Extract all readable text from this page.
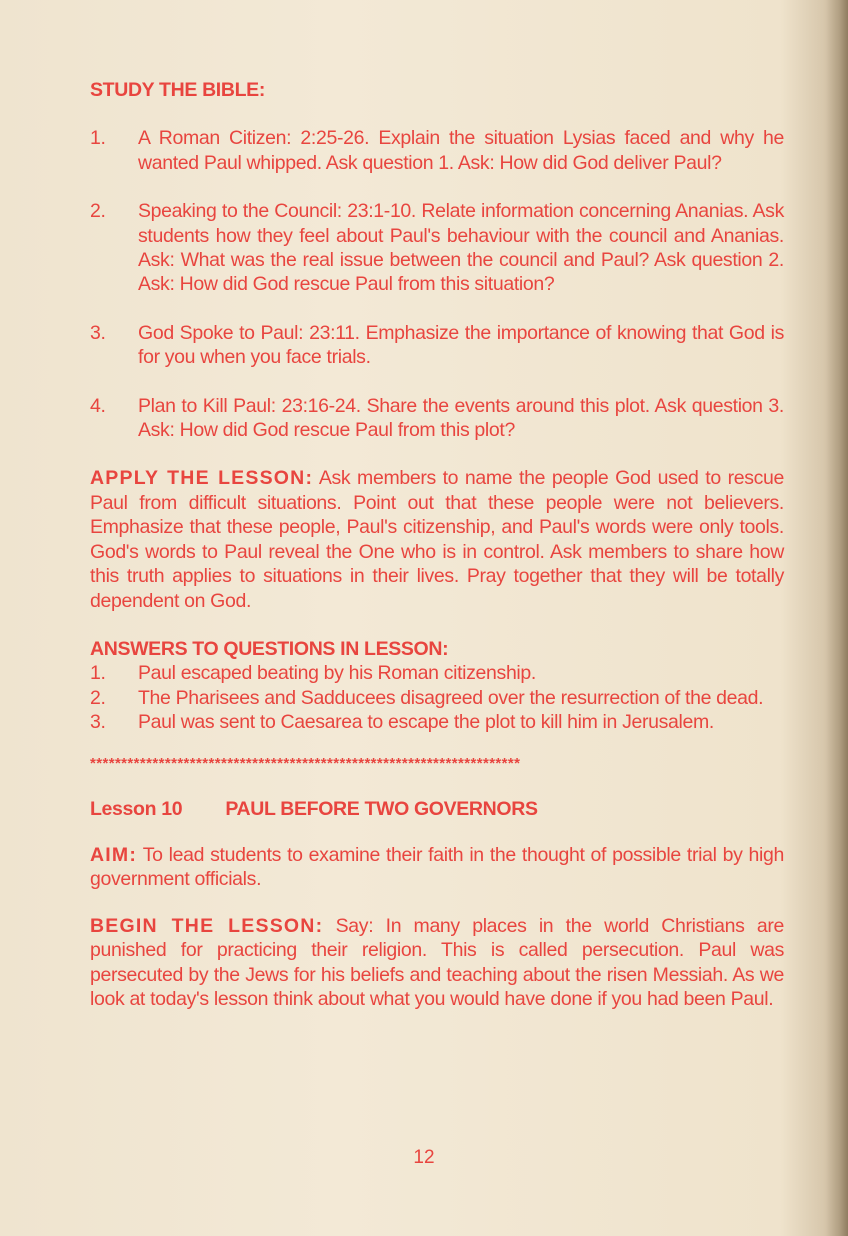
STUDY THE BIBLE:

1. A Roman Citizen: 2:25-26. Explain the situation Lysias faced and why he wanted Paul whipped. Ask question 1. Ask: How did God deliver Paul?
2. Speaking to the Council: 23:1-10. Relate information concerning Ananias. Ask students how they feel about Paul's behaviour with the council and Ananias. Ask: What was the real issue between the council and Paul? Ask question 2. Ask: How did God rescue Paul from this situation?
3. God Spoke to Paul: 23:11. Emphasize the importance of knowing that God is for you when you face trials.
4. Plan to Kill Paul: 23:16-24. Share the events around this plot. Ask question 3. Ask: How did God rescue Paul from this plot?

APPLY THE LESSON: Ask members to name the people God used to rescue Paul from difficult situations. Point out that these people were not believers. Emphasize that these people, Paul's citizenship, and Paul's words were only tools. God's words to Paul reveal the One who is in control. Ask members to share how this truth applies to situations in their lives. Pray together that they will be totally dependent on God.

ANSWERS TO QUESTIONS IN LESSON:

1. Paul escaped beating by his Roman citizenship.
2. The Pharisees and Sadducees disagreed over the resurrection of the dead.
3. Paul was sent to Caesarea to escape the plot to kill him in Jerusalem.
*********************************************************************

Lesson 10 PAUL BEFORE TWO GOVERNORS

AIM: To lead students to examine their faith in the thought of possible trial by high government officials.

BEGIN THE LESSON: Say: In many places in the world Christians are punished for practicing their religion. This is called persecution. Paul was persecuted by the Jews for his beliefs and teaching about the risen Messiah. As we look at today's lesson think about what you would have done if you had been Paul.

12
